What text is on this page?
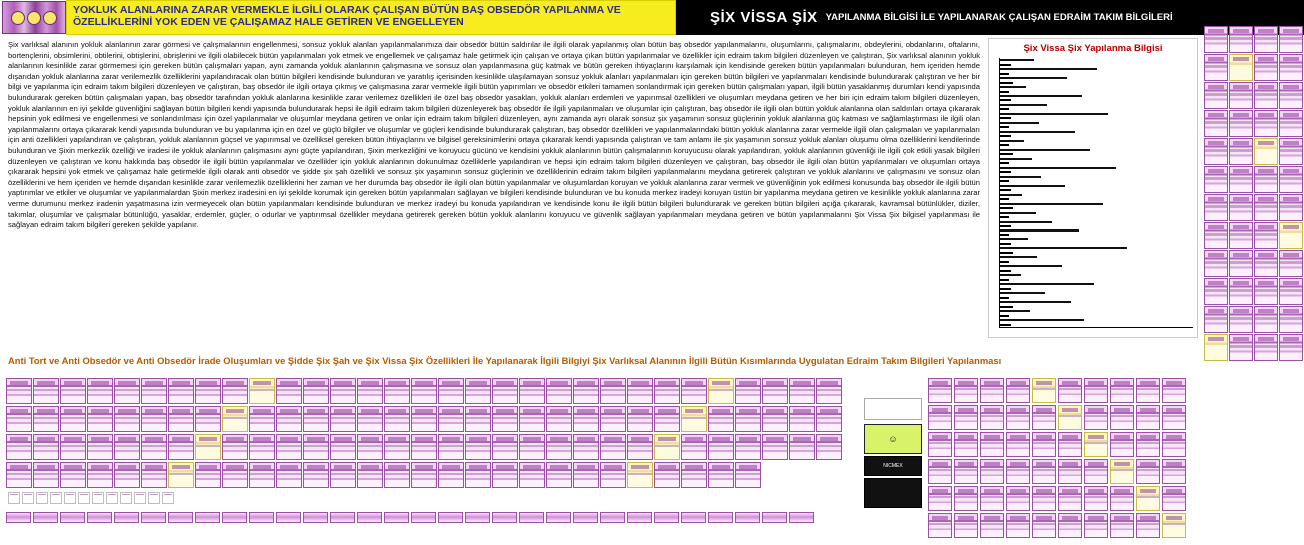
YOKLUK ALANLARINA ZARAR VERMEKLE İLGİLİ OLARAK ÇALIŞAN BÜTÜN BAŞ OBSEDÖR YAPILANMA VE ÖZELLİKLERİNİ YOK EDEN VE ÇALIŞAMAZ HALE GETİREN VE ENGELLEYEN	ŞİX VİSSA ŞİX YAPILANMA BİLGİSİ İLE YAPILANARAK ÇALIŞAN EDRAİM TAKIM BİLGİLERİ
Şix varlıksal alanının yokluk alanlarının zarar görmesi ve çalışmalarının engellenmesi, sonsuz yokluk alanları yapılanmalarımıza dair obsedör bütün saldırılar ile ilgili olarak yapılanmış olan bütün baş obsedör yapılanmalarını, oluşumlarını, çalışmalarını, obdeylerini, obdanlarını, oftalarını, bortençlerini, obsimlerini, obtilerini, obtişlerini, obrişlerini ve ilgili olabilecek bütün yapılanmaları yok etmek ve engellemek ve çalışamaz hale getirmek için çalışan ve ortaya çıkan bütün yapılanmalar ve özellikler için edraim takım bilgileri düzenleyen ve çalıştıran, Şix varlıksal alanının yokluk alanlarının kesinlikle zarar görmemesi için gereken bütün çalışmaları yapan, aynı zamanda yokluk alanlarının çalışmasına ve sonsuz olan yapılanmasına güç katmak ve bütün gereken ihtiyaçlarını karşılamak için kendisinde gereken bütün yapılanmaları bulunduran, hem içeriden hemde dışarıdan yokluk alanlarına zarar verilemezlik özelliklerini yapılandıracak olan bütün bilgileri kendisinde bulunduran ve yaratılış içerisinden kesinlikle ulaşılamayan sonsuz yokluk alanları yapılanmaları için gereken bütün bilgileri ve yapılanmaları kendisinde bulundurarak çalıştıran ve her bir bilgi ve yapılanma için edraim takım bilgileri düzenleyen ve çalıştıran, baş obsedör ile ilgili ortaya çıkmış ve çalışmasına zarar vermekle ilgili bütün yapırımları ve obsedör etkileri tamamen sonlandırmak için gereken bütün çalışmaları yapan, ilgili bütün yasaklanmış durumları kendi yapısında bulundurarak gereken bütün çalışmaları yapan, baş obsedör tarafından yokluk alanlarına kesinlikle zarar verilemez özellikleri ile özel baş obsedör yasakları, yokluk alanları erdemleri ve yapırımsal özellikleri ve oluşumları meydana getiren ve her biri için edraim takım bilgileri düzenleyen, yokluk alanlarının en iyi şekilde güvenliğini sağlayan bütün bilgileri kendi yapısında bulundurarak hepsi ile ilgili edraim takım bilgileri düzenleyerek baş obsedör ile ilgili yapılanmaları ve oluşumlar için çalıştıran, baş obsedör ile ilgili olan bütün yokluk alanlarına olan saldırıları ortaya çıkararak hepsinin yok edilmesi ve engellenmesi ve sonlandırılması için özel yapılanmalar ve oluşumlar meydana getiren ve onlar için edraim takım bilgileri düzenleyen, aynı zamanda ayrı olarak sonsuz şix yaşamının sonsuz güçlerinin yokluk alanlarına güç katması ve sağlamlaştırması ile ilgili olan yapılanmalarını ortaya çıkararak kendi yapısında bulunduran ve bu yapılanma için en özel ve güçlü bilgiler ve oluşumlar ve güçleri kendisinde bulundurarak çalıştıran, baş obsedör özellikleri ve yapılanmalarındaki bütün yokluk alanlarına zarar vermekle ilgili olan çalışmaları ve yapılanmaları için anti özellikleri yapılandıran ve çalıştıran, yokluk alanlarının güçsel ve yapırımsal ve özelliksel gereken bütün ihtiyaçlarını ve bilgisel gereksinimlerini ortaya çıkararak kendi yapısında çalıştıran ve tam anlamı ile şix yaşamının sonsuz yokluk alanları oluşumu olma özelliklerini kendilerinde bulunduran ve Şixin merkezlik özelliği ve iradesi ile yokluk alanlarının çalışmasını aynı güçte yapılandıran, Şixin merkezliğini ve koruyucu gücünü ve kendisini yokluk alanlarının bütün çalışmalarının koruyucusu olarak yapılandıran, yokluk alanlarının güvenliği ile ilgili çok etkili yasak bilgileri düzenleyen ve çalıştıran ve konu hakkında baş obsedör ile ilgili bütün yapılanmalar ve özellikler için yokluk alanlarının dokunulmaz özelliklerle yapılandıran ve hepsi için edraim takım bilgileri düzenleyen ve çalıştıran, baş obsedör ile ilgili olan bütün yapılanmaları ve oluşumları ortaya çıkararak hepsini yok etmek ve çalışamaz hale getirmekle ilgili olarak anti obsedör ve şidde şix şah özellikli ve sonsuz şix yaşamının sonsuz güçlerinin ve özelliklerinin edraim takım bilgileri yapılanmalarını meydana getirerek çalıştıran ve yokluk alanlarını ve çalışmasını ve sonsuz olan özelliklerini ve hem içeriden ve hemde dışarıdan kesinlikle zarar verilemezlik özelliklerini her zaman ve her durumda baş obsedör ile ilgili olan bütün yapılanmalar ve oluşumlardan koruyan ve yokluk alanlarına zarar vermek ve güvenliğinin yok edilmesi konusunda baş obsedör ile ilgili bütün yaptırımlar ve etkiler ve oluşumlar ve yapılanmalardan Şixin merkez iradesini en iyi şekilde korumak için gereken bütün yapılanmaları sağlayan ve bilgileri kendisinde bulunduran ve bu konuda merkez iradeyi koruyan üstün bir yapılanma meydana getiren ve kesinlikle yokluk alanlarına zarar verme durumunu merkez iradenin yaşatmasına izin vermeyecek olan bütün yapılanmaları kendisinde bulunduran ve merkez iradeyi bu konuda yapılandıran ve kendisinde konu ile ilgili bütün bilgileri bulundurarak ve gereken bütün bilgileri açığa çıkararak, kavramsal bütünlükler, diziler, takımlar, oluşumlar ve çalışmalar bütünlüğü, yasaklar, erdemler, güçler, o odurlar ve yaptırımsal özellikler meydana getirerek gereken bütün yokluk alanlarını koruyucu ve güvenlik sağlayan yapılanmaları meydana getiren ve bütün yapılanmalarını Şix Vissa Şix bilgisel yapılanması ile sağlayan edraim takım bilgileri gereken şekilde yapılanır.
Şix Vissa Şix Yapılanma Bilgisi
Anti Tort ve Anti Obsedör ve Anti Obsedör İrade Oluşumları ve Şidde Şix Şah ve Şix Vissa Şix Özellikleri İle Yapılanarak İlgili Bilgiyi Şix Varlıksal Alanının İlgili Bütün Kısımlarında Uygulatan Edraim Takım Bilgileri Yapılanması
☺
NICMEX
